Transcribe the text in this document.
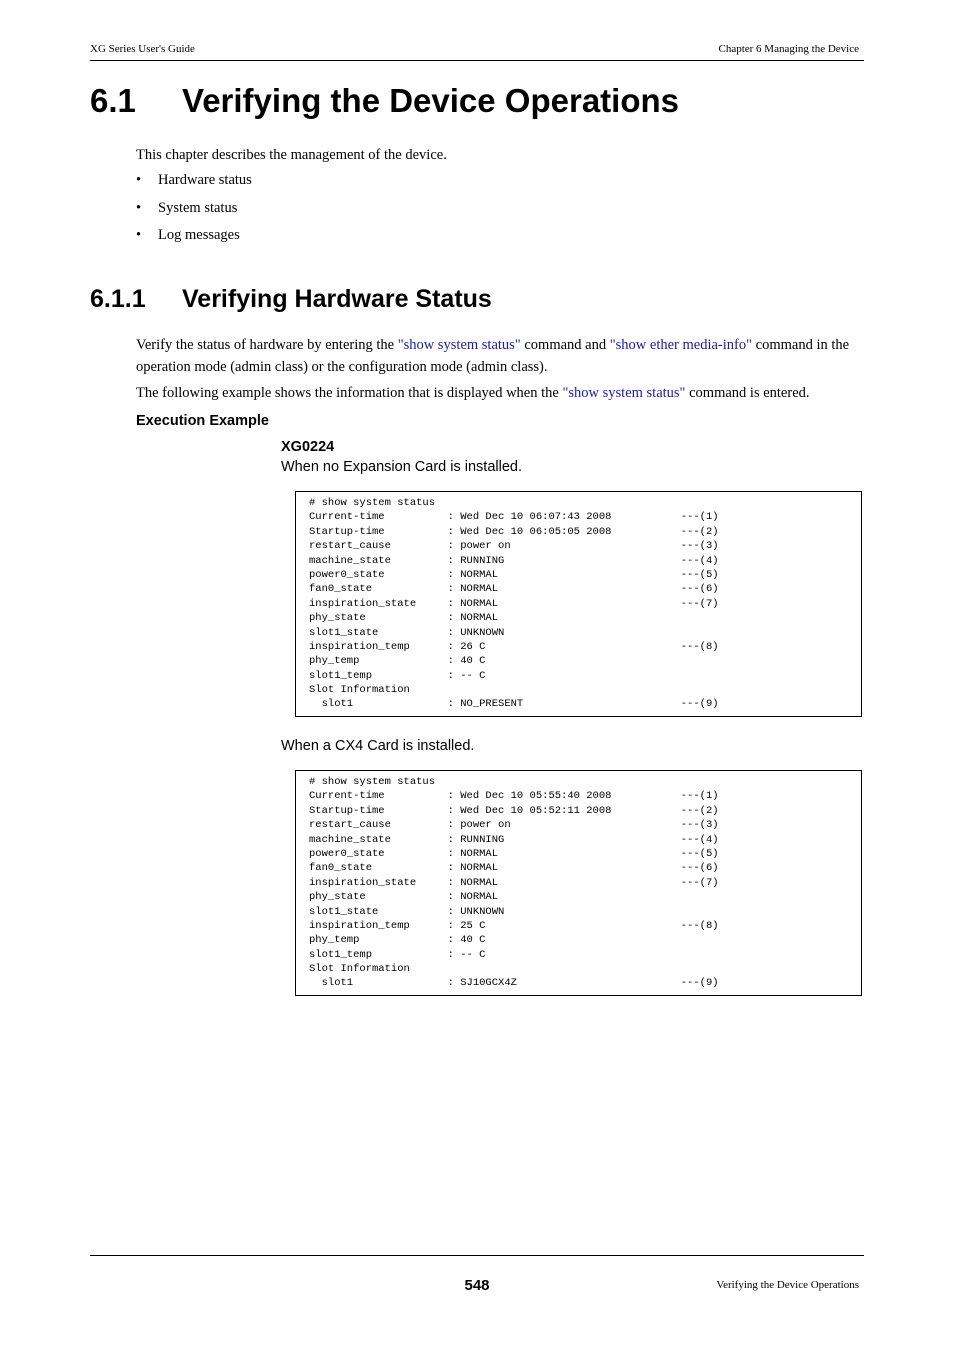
XG Series User's Guide	Chapter 6 Managing the Device
6.1 Verifying the Device Operations

This chapter describes the management of the device.

• Hardware status
• System status
• Log messages
6.1.1 Verifying Hardware Status

Verify the status of hardware by entering the "show system status" command and "show ether media-info" command in the operation mode (admin class) or the configuration mode (admin class).

The following example shows the information that is displayed when the "show system status" command is entered.

Execution Example
XG0224
When no Expansion Card is installed.
# show system status
Current-time          : Wed Dec 10 06:07:43 2008           ---(1)
Startup-time          : Wed Dec 10 06:05:05 2008           ---(2)
restart_cause         : power on                           ---(3)
machine_state         : RUNNING                            ---(4)
power0_state          : NORMAL                             ---(5)
fan0_state            : NORMAL                             ---(6)
inspiration_state     : NORMAL                             ---(7)
phy_state             : NORMAL
slot1_state           : UNKNOWN
inspiration_temp      : 26 C                               ---(8)
phy_temp              : 40 C
slot1_temp            : -- C
Slot Information
slot1               : NO_PRESENT                         ---(9)
When a CX4 Card is installed.
# show system status
Current-time          : Wed Dec 10 05:55:40 2008           ---(1)
Startup-time          : Wed Dec 10 05:52:11 2008           ---(2)
restart_cause         : power on                           ---(3)
machine_state         : RUNNING                            ---(4)
power0_state          : NORMAL                             ---(5)
fan0_state            : NORMAL                             ---(6)
inspiration_state     : NORMAL                             ---(7)
phy_state             : NORMAL
slot1_state           : UNKNOWN
inspiration_temp      : 25 C                               ---(8)
phy_temp              : 40 C
slot1_temp            : -- C
Slot Information
slot1               : SJ10GCX4Z                          ---(9)
548	Verifying the Device Operations
